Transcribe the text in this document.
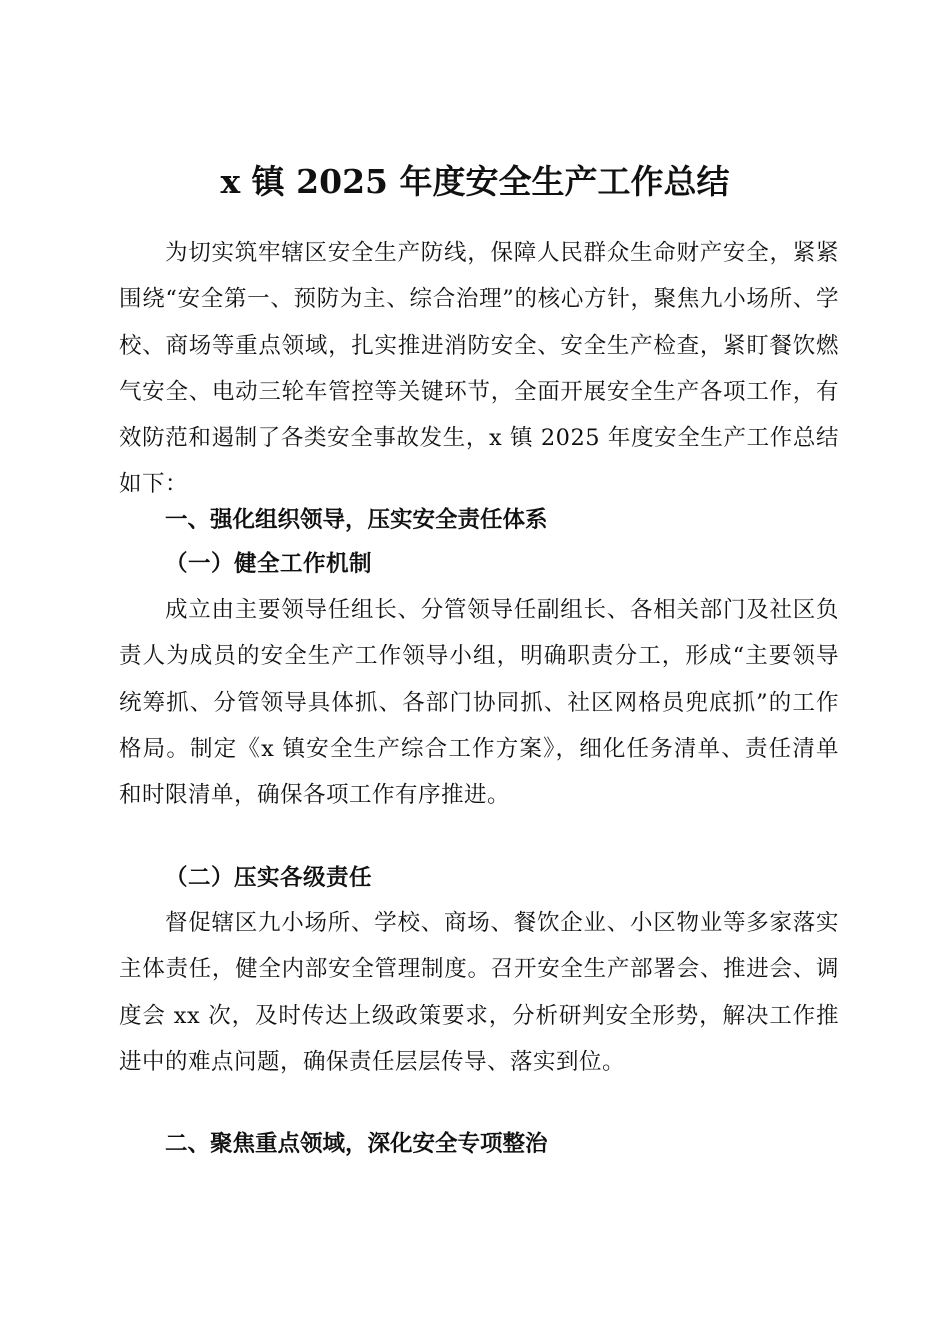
x 镇 2025 年度安全生产工作总结

为切实筑牢辖区安全生产防线，保障人民群众生命财产安全，紧紧围绕“安全第一、预防为主、综合治理”的核心方针，聚焦九小场所、学校、商场等重点领域，扎实推进消防安全、安全生产检查，紧盯餐饮燃气安全、电动三轮车管控等关键环节，全面开展安全生产各项工作，有效防范和遏制了各类安全事故发生，x 镇 2025 年度安全生产工作总结如下：

一、强化组织领导，压实安全责任体系
（一）健全工作机制

成立由主要领导任组长、分管领导任副组长、各相关部门及社区负责人为成员的安全生产工作领导小组，明确职责分工，形成“主要领导统筹抓、分管领导具体抓、各部门协同抓、社区网格员兜底抓”的工作格局。制定《x 镇安全生产综合工作方案》，细化任务清单、责任清单和时限清单，确保各项工作有序推进。

（二）压实各级责任

督促辖区九小场所、学校、商场、餐饮企业、小区物业等多家落实主体责任，健全内部安全管理制度。召开安全生产部署会、推进会、调度会 xx 次，及时传达上级政策要求，分析研判安全形势，解决工作推进中的难点问题，确保责任层层传导、落实到位。

二、聚焦重点领域，深化安全专项整治
